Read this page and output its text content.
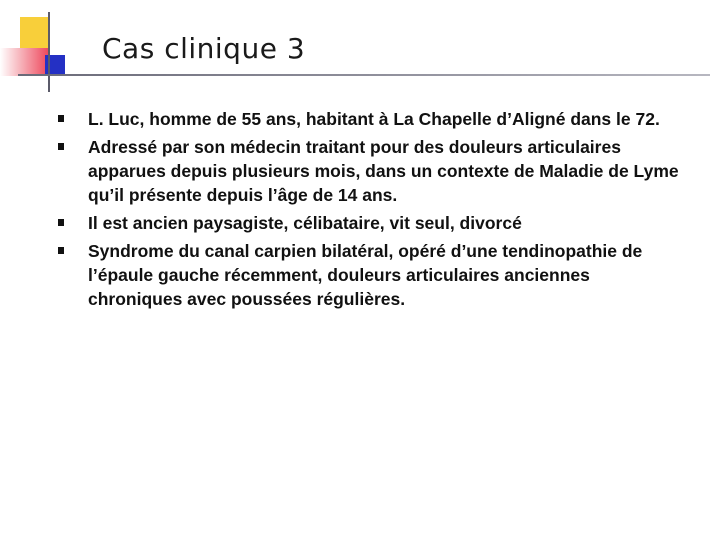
Cas clinique 3
L. Luc, homme de 55 ans, habitant à La Chapelle d’Aligné dans le 72.
Adressé par son médecin traitant pour des douleurs articulaires apparues depuis plusieurs mois, dans un contexte de Maladie de Lyme qu’il présente depuis l’âge de 14 ans.
Il est ancien paysagiste, célibataire, vit seul, divorcé
Syndrome du canal carpien bilatéral, opéré d’une tendinopathie de l’épaule gauche récemment, douleurs articulaires anciennes chroniques avec poussées régulières.
